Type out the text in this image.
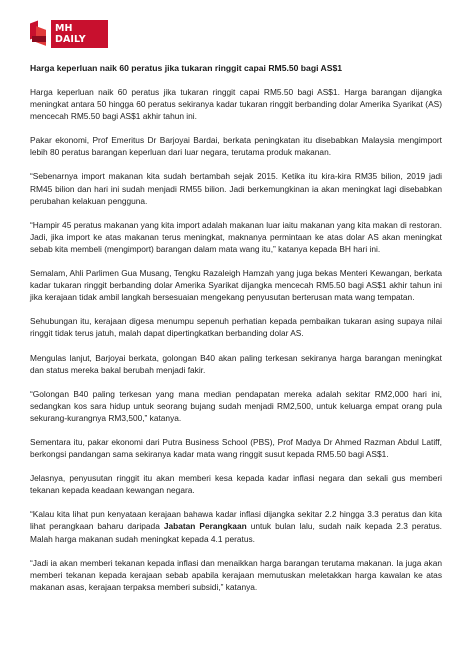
MH DAILY
Harga keperluan naik 60 peratus jika tukaran ringgit capai RM5.50 bagi AS$1

Harga keperluan naik 60 peratus jika tukaran ringgit capai RM5.50 bagi AS$1. Harga barangan dijangka meningkat antara 50 hingga 60 peratus sekiranya kadar tukaran ringgit berbanding dolar Amerika Syarikat (AS) mencecah RM5.50 bagi AS$1 akhir tahun ini.

Pakar ekonomi, Prof Emeritus Dr Barjoyai Bardai, berkata peningkatan itu disebabkan Malaysia mengimport lebih 80 peratus barangan keperluan dari luar negara, terutama produk makanan.

“Sebenarnya import makanan kita sudah bertambah sejak 2015. Ketika itu kira-kira RM35 bilion, 2019 jadi RM45 bilion dan hari ini sudah menjadi RM55 bilion. Jadi berkemungkinan ia akan meningkat lagi disebabkan perubahan kelakuan pengguna.

“Hampir 45 peratus makanan yang kita import adalah makanan luar iaitu makanan yang kita makan di restoran. Jadi, jika import ke atas makanan terus meningkat, maknanya permintaan ke atas dolar AS akan meningkat sebab kita membeli (mengimport) barangan dalam mata wang itu,” katanya kepada BH hari ini.

Semalam, Ahli Parlimen Gua Musang, Tengku Razaleigh Hamzah yang juga bekas Menteri Kewangan, berkata kadar tukaran ringgit berbanding dolar Amerika Syarikat dijangka mencecah RM5.50 bagi AS$1 akhir tahun ini jika kerajaan tidak ambil langkah bersesuaian mengekang penyusutan berterusan mata wang tempatan.

Sehubungan itu, kerajaan digesa menumpu sepenuh perhatian kepada pembaikan tukaran asing supaya nilai ringgit tidak terus jatuh, malah dapat dipertingkatkan berbanding dolar AS.

Mengulas lanjut, Barjoyai berkata, golongan B40 akan paling terkesan sekiranya harga barangan meningkat dan status mereka bakal berubah menjadi fakir.

“Golongan B40 paling terkesan yang mana median pendapatan mereka adalah sekitar RM2,000 hari ini, sedangkan kos sara hidup untuk seorang bujang sudah menjadi RM2,500, untuk keluarga empat orang pula sekurang-kurangnya RM3,500,” katanya.

Sementara itu, pakar ekonomi dari Putra Business School (PBS), Prof Madya Dr Ahmed Razman Abdul Latiff, berkongsi pandangan sama sekiranya kadar mata wang ringgit susut kepada RM5.50 bagi AS$1.

Jelasnya, penyusutan ringgit itu akan memberi kesa kepada kadar inflasi negara dan sekali gus memberi tekanan kepada keadaan kewangan negara.

“Kalau kita lihat pun kenyataan kerajaan bahawa kadar inflasi dijangka sekitar 2.2 hingga 3.3 peratus dan kita lihat perangkaan baharu daripada Jabatan Perangkaan untuk bulan lalu, sudah naik kepada 2.3 peratus. Malah harga makanan sudah meningkat kepada 4.1 peratus.

“Jadi ia akan memberi tekanan kepada inflasi dan menaikkan harga barangan terutama makanan. Ia juga akan memberi tekanan kepada kerajaan sebab apabila kerajaan memutuskan meletakkan harga kawalan ke atas makanan asas, kerajaan terpaksa memberi subsidi,” katanya.
